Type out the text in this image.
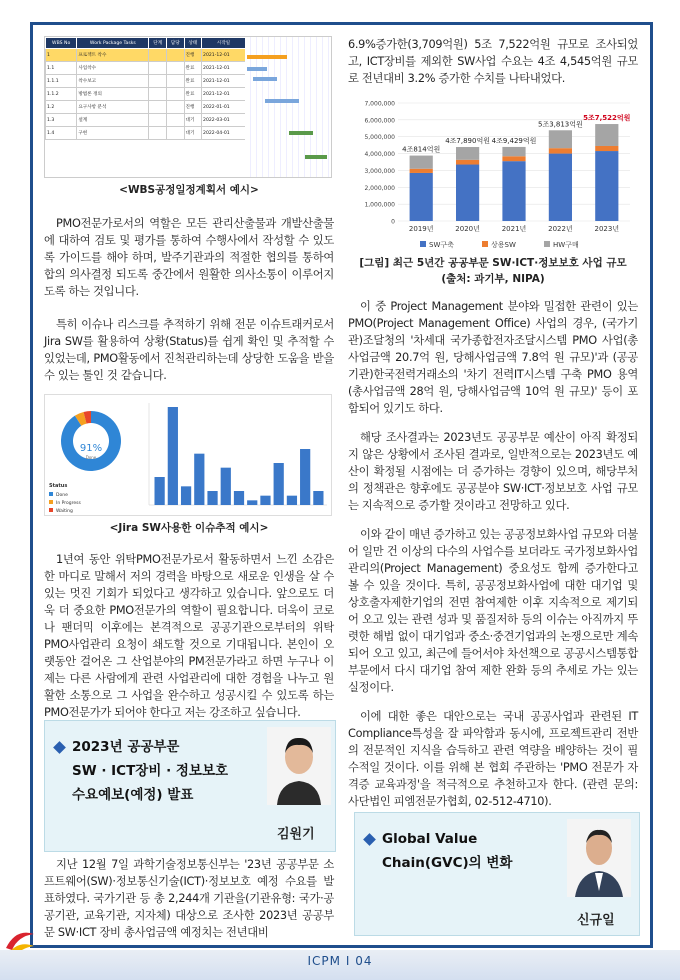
WBS No	Work Package Tasks	단계	담당	상태	시작일			
1	프로젝트 착수			진행	2021-12-01			
1.1	사업착수			완료	2021-12-01			
1.1.1	착수보고			완료	2021-12-01			
1.1.2	방법론 정의			완료	2021-12-01			
1.2	요구사항 분석			진행	2022-01-01			
1.3	설계			대기	2022-03-01			
1.4	구현			대기	2022-04-01			

<WBS공정일정계획서 예시>

PMO전문가로서의 역할은 모든 관리산출물과 개발산출물에 대하여 검토 및 평가를 통하여 수행사에서 작성할 수 있도록 가이드를 해야 하며, 발주기관과의 적절한 협의를 통하여 합의 의사결정 되도록 중간에서 원활한 의사소통이 이루어지도록 하는 것입니다.

특히 이슈나 리스크를 추적하기 위해 전문 이슈트래커로서 Jira SW를 활용하여 상황(Status)를 쉽게 확인 및 추적할 수 있었는데, PMO활동에서 진척관리하는데 상당한 도움을 받을 수 있는 툴인 것 같습니다.

91%
Done
Status
Done
In Progress
Waiting

<Jira SW사용한 이슈추적 예시>

1년여 동안 위탁PMO전문가로서 활동하면서 느낀 소감은 한 마디로 말해서 저의 경력을 바탕으로 새로운 인생을 살 수 있는 멋진 기회가 되었다고 생각하고 있습니다. 앞으로도 더욱 더 중요한 PMO전문가의 역할이 필요합니다. 더욱이 코로나 팬더믹 이후에는 본격적으로 공공기관으로부터의 위탁PMO사업관리 요청이 쇄도할 것으로 기대됩니다. 본인이 오랫동안 걸어온 그 산업분야의 PM전문가라고 하면 누구나 이제는 다른 사람에게 관련 사업관리에 대한 경험을 나누고 원활한 소통으로 그 사업을 완수하고 성공시킬 수 있도록 하는 PMO전문가가 되어야 한다고 저는 강조하고 싶습니다.

2023년 공공부문
SW · ICT장비 · 정보보호
수요예보(예정) 발표
김원기

지난 12월 7일 과학기술정보통신부는 '23년 공공부문 소프트웨어(SW)·정보통신기술(ICT)·정보보호 예정 수요를 발표하였다. 국가기관 등 총 2,244개 기관을(기관유형: 국가·공공기관, 교육기관, 지자체) 대상으로 조사한 2023년 공공부문 SW·ICT 장비 총사업금액 예정치는 전년대비

6.9%증가한(3,709억원) 5조 7,522억원 규모로 조사되었고, ICT장비를 제외한 SW사업 수요는 4조 4,545억원 규모로 전년대비 3.2% 증가한 수치를 나타내었다.

0
1,000,000
2,000,000
3,000,000
4,000,000
5,000,000
6,000,000
7,000,000
4조814억원
2019년
4조7,890억원
2020년
4조9,429억원
2021년
5조3,813억원
2022년
5조7,522억원
2023년
SW구축	상용SW	HW구매

[그림] 최근 5년간 공공부문 SW·ICT·정보보호 사업 규모

(출처: 과기부, NIPA)

이 중 Project Management 분야와 밀접한 관련이 있는 PMO(Project Management Office) 사업의 경우, (국가기관)조달청의 '차세대 국가종합전자조달시스템 PMO 사업(총사업금액 20.7억 원, 당해사업금액 7.8억 원 규모)'과 (공공기관)한국전력거래소의 '차기 전력IT시스템 구축 PMO 용역(총사업금액 28억 원, 당해사업금액 10억 원 규모)' 등이 포함되어 있기도 하다.

해당 조사결과는 2023년도 공공부문 예산이 아직 확정되지 않은 상황에서 조사된 결과로, 일반적으로는 2023년도 예산이 확정될 시점에는 더 증가하는 경향이 있으며, 해당부처의 정책관은 향후에도 공공분야 SW·ICT·정보보호 사업 규모는 지속적으로 증가할 것이라고 전망하고 있다.

이와 같이 매년 증가하고 있는 공공정보화사업 규모와 더불어 일만 건 이상의 다수의 사업수를 보더라도 국가정보화사업관리의(Project Management) 중요성도 함께 증가한다고 볼 수 있을 것이다. 특히, 공공정보화사업에 대한 대기업 및 상호출자제한기업의 전면 참여제한 이후 지속적으로 제기되어 오고 있는 관련 성과 및 품질저하 등의 이슈는 아직까지 뚜렷한 해법 없이 대기업과 중소·중견기업과의 논쟁으로만 계속되어 오고 있고, 최근에 들어서야 차선책으로 공공시스템통합부문에서 다시 대기업 참여 제한 완화 등의 추세로 가는 있는 실정이다.

이에 대한 좋은 대안으로는 국내 공공사업과 관련된 IT Compliance특성을 잘 파악함과 동시에, 프로젝트관리 전반의 전문적인 지식을 습득하고 관련 역량을 배양하는 것이 필수적일 것이다. 이를 위해 본 협회 주관하는 'PMO 전문가 자격증 교육과정'을 적극적으로 추천하고자 한다. (관련 문의: 사단법인 피엠전문가협회, 02-512-4710).

Global Value
Chain(GVC)의 변화
신규일
ICPM I 04
